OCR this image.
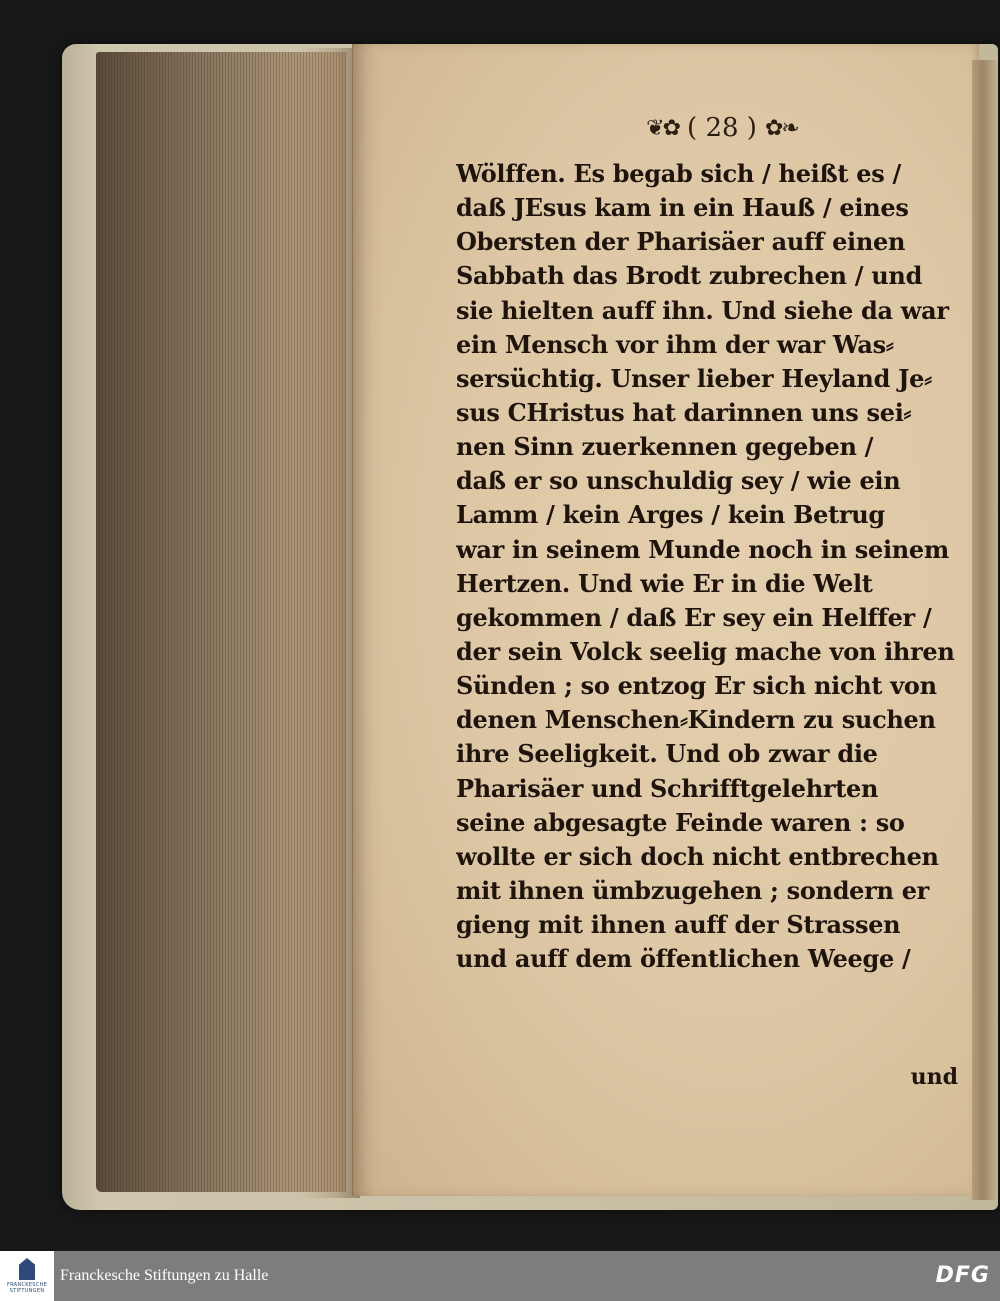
❦✿ ( 28 ) ✿❧
Wölffen. Es begab sich / heißt es /
daß JEsus kam in ein Hauß / eines
Obersten der Pharisäer auff einen
Sabbath das Brodt zubrechen / und
sie hielten auff ihn. Und siehe da war
ein Mensch vor ihm der war Was⸗
sersüchtig. Unser lieber Heyland Je⸗
sus CHristus hat darinnen uns sei⸗
nen Sinn zuerkennen gegeben /
daß er so unschuldig sey / wie ein
Lamm / kein Arges / kein Betrug
war in seinem Munde noch in seinem
Hertzen. Und wie Er in die Welt
gekommen / daß Er sey ein Helffer /
der sein Volck seelig mache von ihren
Sünden ; so entzog Er sich nicht von
denen Menschen⸗Kindern zu suchen
ihre Seeligkeit. Und ob zwar die
Pharisäer und Schrifftgelehrten
seine abgesagte Feinde waren : so
wollte er sich doch nicht entbrechen
mit ihnen ümbzugehen ; sondern er
gieng mit ihnen auff der Strassen
und auff dem öffentlichen Weege /
und
FRANCKESCHE STIFTUNGEN
Franckesche Stiftungen zu Halle	DFG
